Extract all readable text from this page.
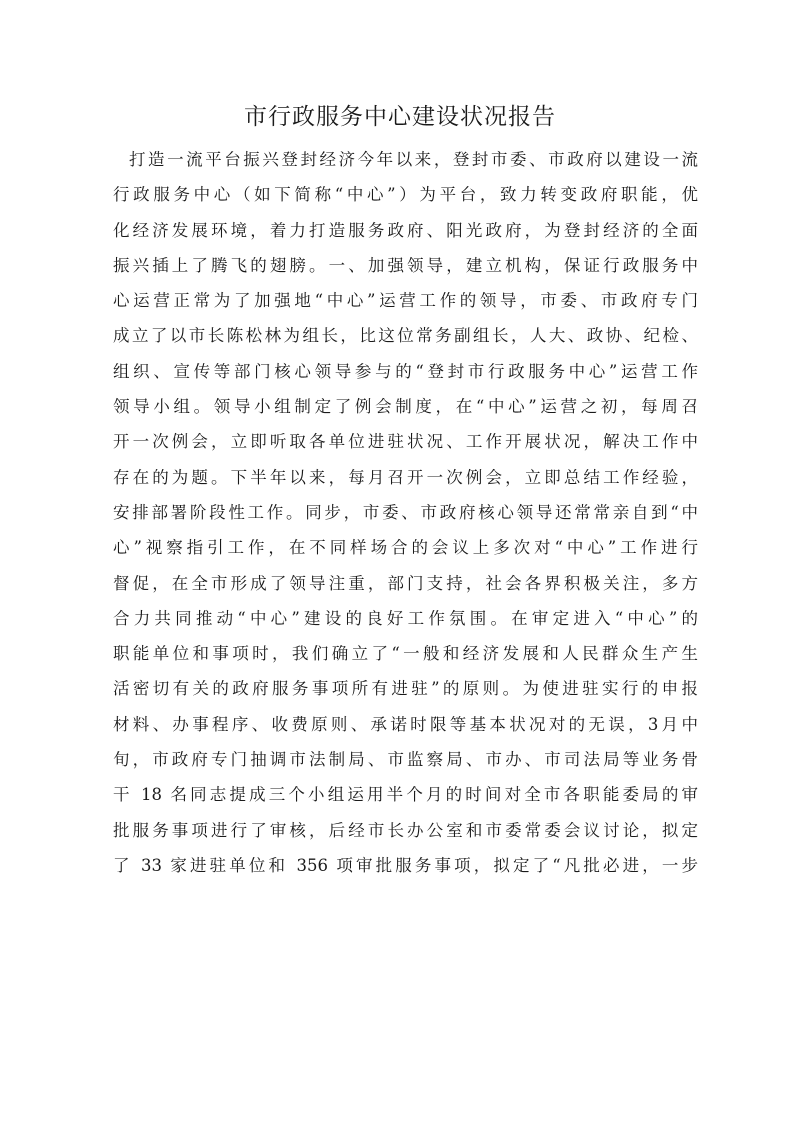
市行政服务中心建设状况报告
打造一流平台振兴登封经济今年以来，登封市委、市政府以建设一流
行政服务中心（如下简称“中心”）为平台，致力转变政府职能，优
化经济发展环境，着力打造服务政府、阳光政府，为登封经济的全面
振兴插上了腾飞的翅膀。一、加强领导，建立机构，保证行政服务中
心运营正常为了加强地“中心”运营工作的领导，市委、市政府专门
成立了以市长陈松林为组长，比这位常务副组长，人大、政协、纪检、
组织、宣传等部门核心领导参与的“登封市行政服务中心”运营工作
领导小组。领导小组制定了例会制度，在“中心”运营之初，每周召
开一次例会，立即听取各单位进驻状况、工作开展状况，解决工作中
存在的为题。下半年以来，每月召开一次例会，立即总结工作经验，
安排部署阶段性工作。同步，市委、市政府核心领导还常常亲自到“中
心”视察指引工作，在不同样场合的会议上多次对“中心”工作进行
督促，在全市形成了领导注重，部门支持，社会各界积极关注，多方
合力共同推动“中心”建设的良好工作氛围。在审定进入“中心”的
职能单位和事项时，我们确立了“一般和经济发展和人民群众生产生
活密切有关的政府服务事项所有进驻”的原则。为使进驻实行的申报
材料、办事程序、收费原则、承诺时限等基本状况对的无误，3月中
旬，市政府专门抽调市法制局、市监察局、市办、市司法局等业务骨
干 18 名同志提成三个小组运用半个月的时间对全市各职能委局的审
批服务事项进行了审核，后经市长办公室和市委常委会议讨论，拟定
了 33 家进驻单位和 356 项审批服务事项，拟定了“凡批必进，一步
